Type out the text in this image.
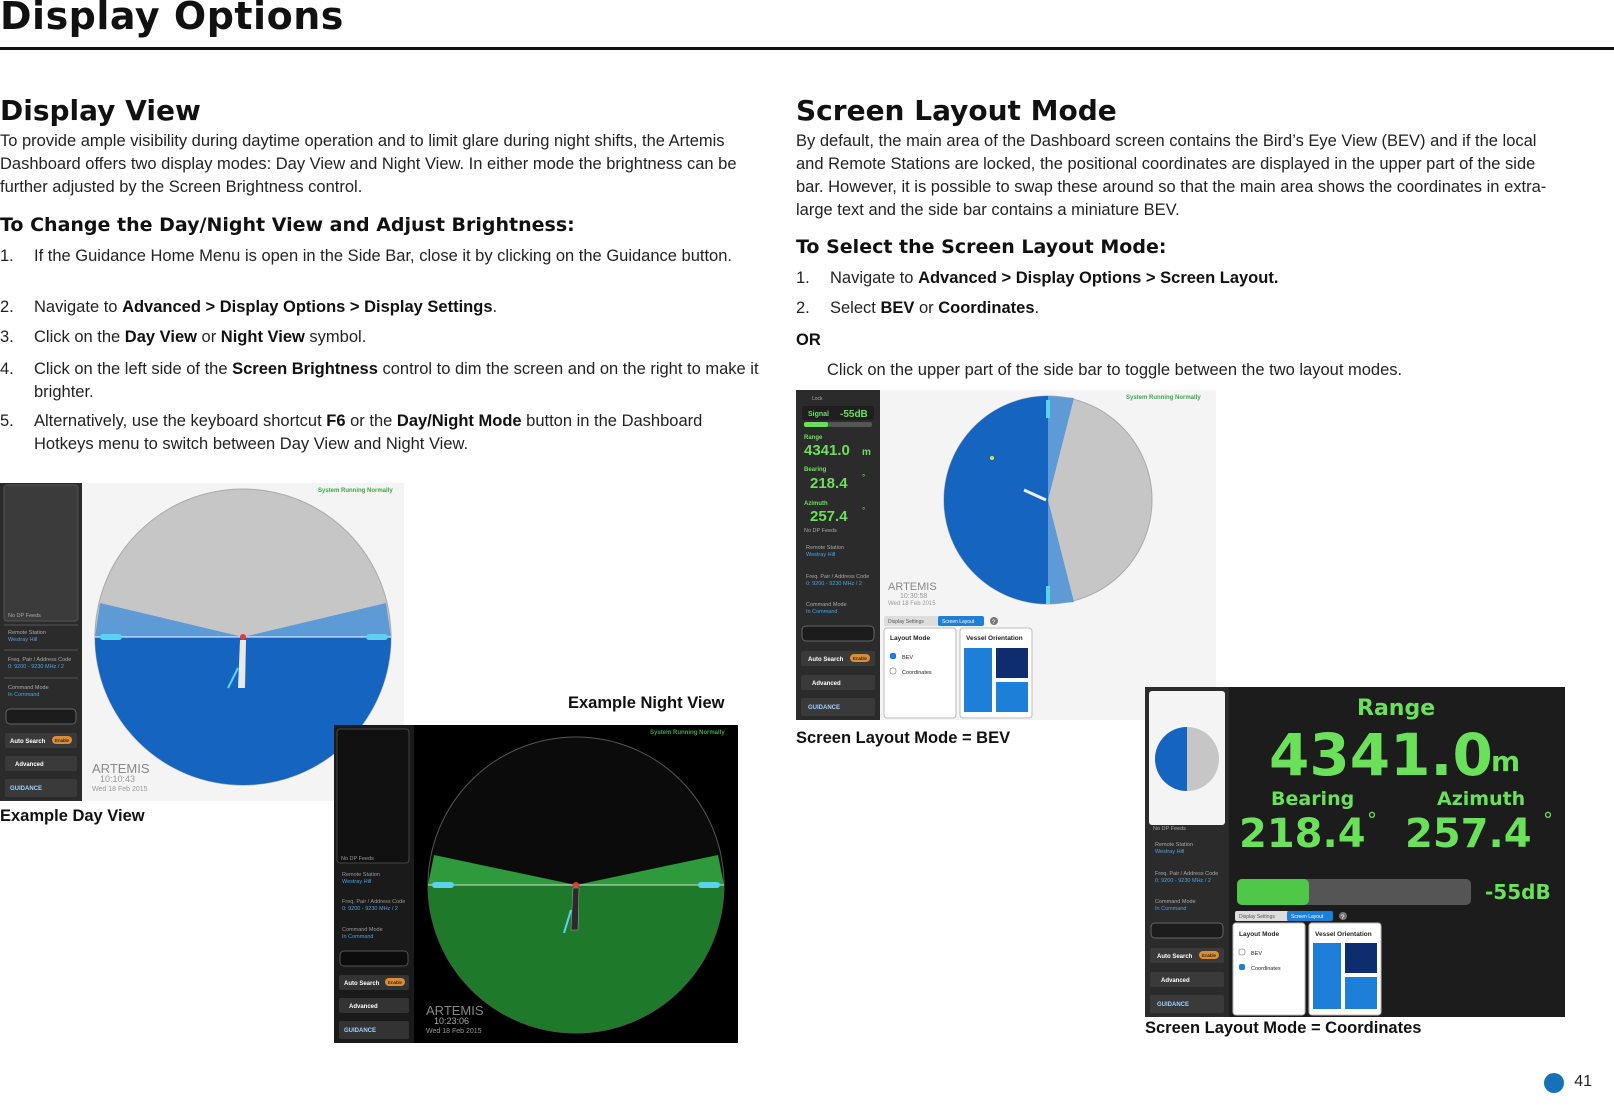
Display Options
Display View
To provide ample visibility during daytime operation and to limit glare during night shifts, the Artemis Dashboard offers two display modes: Day View and Night View. In either mode the brightness can be further adjusted by the Screen Brightness control.
To Change the Day/Night View and Adjust Brightness:
1. If the Guidance Home Menu is open in the Side Bar, close it by clicking on the Guidance button.
2. Navigate to Advanced > Display Options > Display Settings.
3. Click on the Day View or Night View symbol.
4. Click on the left side of the Screen Brightness control to dim the screen and on the right to make it brighter.
5. Alternatively, use the keyboard shortcut F6 or the Day/Night Mode button in the Dashboard Hotkeys menu to switch between Day View and Night View.
No DP Feeds
Remote Station
Westray Hill
Freq. Pair / Address Code
0: 9200 - 9230 MHz / 2
Command Mode
In Command
Auto Search Enable
Advanced
GUIDANCE
System Running Normally
ARTEMIS
10:10:43
Wed 18 Feb 2015
Example Day View
Example Night View
No DP Feeds
Remote Station
Westray Hill
Freq. Pair / Address Code
0: 9200 - 9230 MHz / 2
Command Mode
In Command
Auto Search Enable
Advanced
GUIDANCE
System Running Normally
ARTEMIS
10:23:06
Wed 18 Feb 2015
Screen Layout Mode
By default, the main area of the Dashboard screen contains the Bird’s Eye View (BEV) and if the local and Remote Stations are locked, the positional coordinates are displayed in the upper part of the side bar. However, it is possible to swap these around so that the main area shows the coordinates in extra-large text and the side bar contains a miniature BEV.
To Select the Screen Layout Mode:
1. Navigate to Advanced > Display Options > Screen Layout.
2. Select BEV or Coordinates.
OR
Click on the upper part of the side bar to toggle between the two layout modes.
Lock
Signal -55dB
Range
4341.0 m
Bearing
218.4 °
Azimuth
257.4 °
No DP Feeds
Remote Station
Westray Hill
Freq. Pair / Address Code
0: 9200 - 9230 MHz / 2
Command Mode
In Command
Auto Search Enable
Advanced
GUIDANCE
System Running Normally
ARTEMIS
10:30:58
Wed 18 Feb 2015
Display Settings	Screen Layout	?
Layout Mode
BEV
Coordinates
Vessel Orientation
Screen Layout Mode = BEV
No DP Feeds
Remote Station
Westray Hill
Freq. Pair / Address Code
0: 9200 - 9230 MHz / 2
Command Mode
In Command
Auto Search Enable
Advanced
GUIDANCE
Range
4341.0
m
Bearing	Azimuth
218.4 ° 257.4 °
-55dB
Display Settings	Screen Layout	?
Layout Mode
BEV
Coordinates
Vessel Orientation
Screen Layout Mode = Coordinates
41
